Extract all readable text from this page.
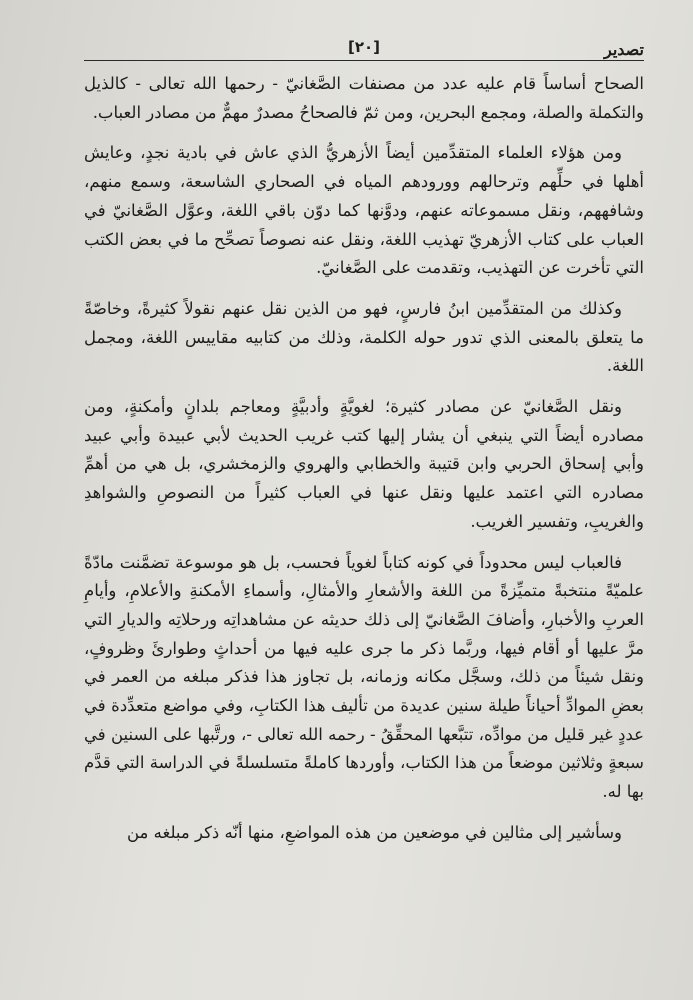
تصدير
[٢٠]

الصحاح أساساً قام عليه عدد من مصنفات الصَّغانيّ - رحمها الله تعالى - كالذيل والتكملة والصلة، ومجمع البحرين، ومن ثمّ فالصحاحُ مصدرٌ مهمٌّ من مصادر العباب.

ومن هؤلاء العلماء المتقدِّمين أيضاً الأزهريُّ الذي عاش في بادية نجدٍ، وعايش أهلها في حلِّهم وترحالهم وورودهم المياه في الصحاري الشاسعة، وسمع منهم، وشافههم، ونقل مسموعاته عنهم، ودوَّنها كما دوّن باقي اللغة، وعوَّل الصَّغانيّ في العباب على كتاب الأزهريّ تهذيب اللغة، ونقل عنه نصوصاً تصحِّح ما في بعض الكتب التي تأخرت عن التهذيب، وتقدمت على الصَّغانيّ.

وكذلك من المتقدِّمين ابنُ فارسٍ، فهو من الذين نقل عنهم نقولاً كثيرةً، وخاصّةً ما يتعلق بالمعنى الذي تدور حوله الكلمة، وذلك من كتابيه مقاييس اللغة، ومجمل اللغة.

ونقل الصَّغانيّ عن مصادر كثيرة؛ لغويَّةٍ وأدبيَّةٍ ومعاجم بلدانٍ وأمكنةٍ، ومن مصادره أيضاً التي ينبغي أن يشار إليها كتب غريب الحديث لأبي عبيدة وأبي عبيد وأبي إسحاق الحربي وابن قتيبة والخطابي والهروي والزمخشري، بل هي من أهمِّ مصادره التي اعتمد عليها ونقل عنها في العباب كثيراً من النصوصِ والشواهدِ والغريبِ، وتفسير الغريب.

فالعباب ليس محدوداً في كونه كتاباً لغوياً فحسب، بل هو موسوعة تضمَّنت مادّةً علميّةً منتخبةً متميِّزةً من اللغة والأشعارِ والأمثالِ، وأسماءِ الأمكنةِ والأعلامِ، وأيامِ العربِ والأخبارِ، وأضافَ الصَّغانيّ إلى ذلك حديثه عن مشاهداتِه ورحلاتِه والديارِ التي مرَّ عليها أو أقام فيها، وربَّما ذكر ما جرى عليه فيها من أحداثٍ وطوارئَ وظروفٍ، ونقل شيئاً من ذلك، وسجَّل مكانه وزمانه، بل تجاوز هذا فذكر مبلغه من العمر في بعضِ الموادِّ أحياناً طيلة سنين عديدة من تأليف هذا الكتابِ، وفي مواضع متعدِّدة في عددٍ غير قليل من موادِّه، تتبَّعها المحقِّقُ - رحمه الله تعالى -، ورتَّبها على السنين في سبعةٍ وثلاثين موضعاً من هذا الكتاب، وأوردها كاملةً متسلسلةً في الدراسة التي قدَّم بها له.

وسأشير إلى مثالين في موضعين من هذه المواضعِ، منها أنّه ذكر مبلغه من
